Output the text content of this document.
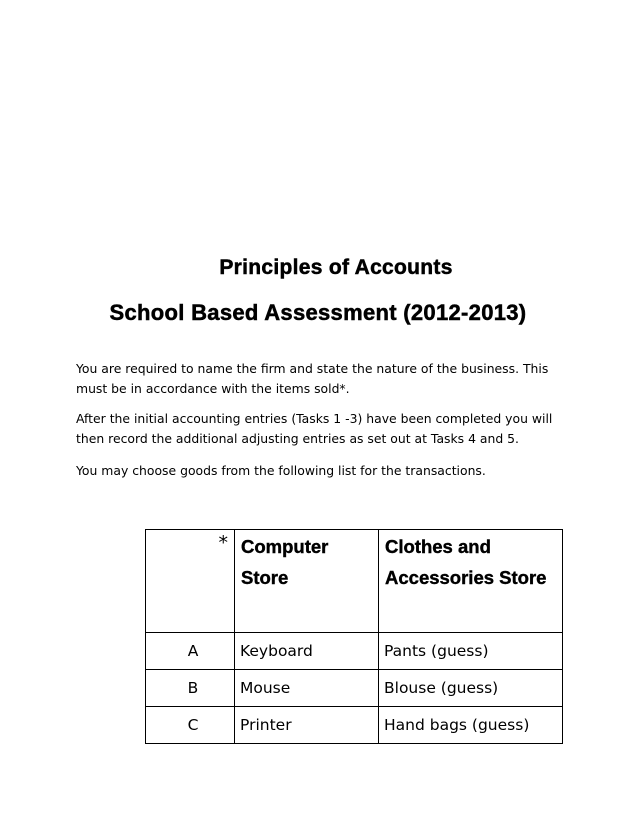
Principles of Accounts
School Based Assessment (2012-2013)

You are required to name the firm and state the nature of the business. This must be in accordance with the items sold*.

After the initial accounting entries (Tasks 1 -3) have been completed you will then record the additional adjusting entries as set out at Tasks 4 and 5.

You may choose goods from the following list for the transactions.

*	Computer Store	Clothes and Accessories Store
A	Keyboard	Pants (guess)
B	Mouse	Blouse (guess)
C	Printer	Hand bags (guess)
